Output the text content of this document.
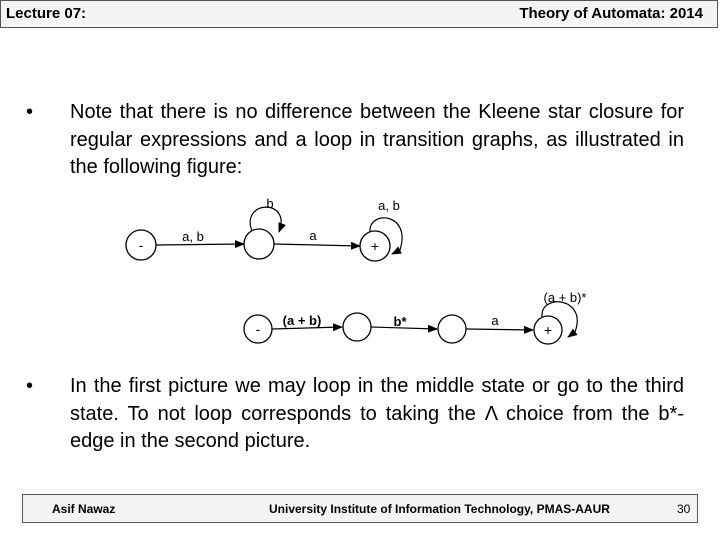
Lecture 07:	Theory of Automata: 2014
•	Note that there is no difference between the Kleene star closure for regular expressions and a loop in transition graphs, as illustrated in the following figure:
-	+
a, b	a
b	a, b
-	+
(a + b)	b*	a
(a + b)*
•	In the first picture we may loop in the middle state or go to the third state. To not loop corresponds to taking the Λ choice from the b*-edge in the second picture.
Asif Nawaz	University Institute of Information Technology, PMAS-AAUR	30
